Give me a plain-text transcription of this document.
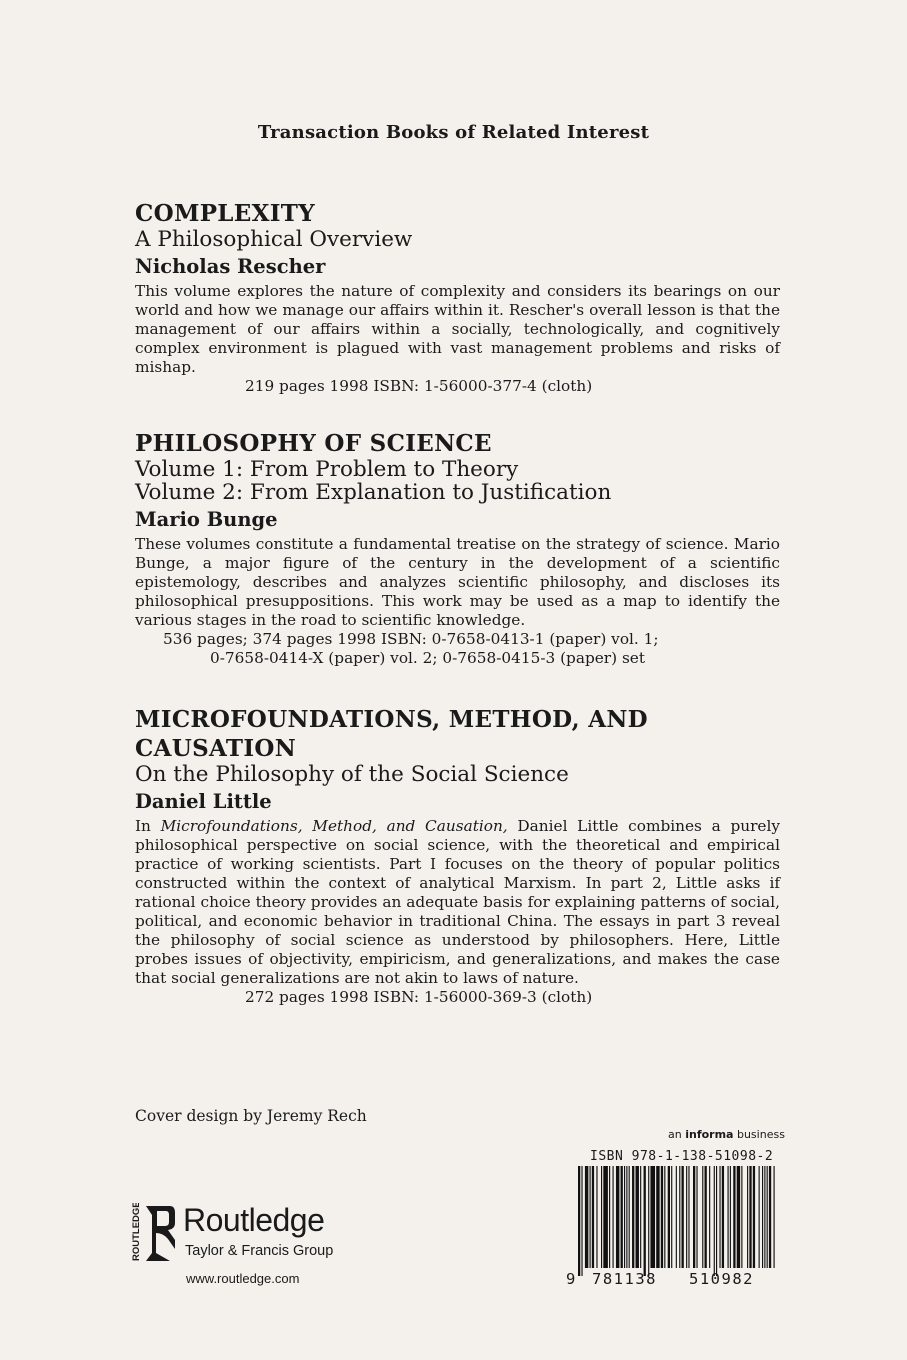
Transaction Books of Related Interest
COMPLEXITY
A Philosophical Overview
Nicholas Rescher
This volume explores the nature of complexity and considers its bearings on our world and how we manage our affairs within it. Rescher's overall lesson is that the management of our affairs within a socially, technologically, and cognitively complex environment is plagued with vast management problems and risks of mishap.
219 pages 1998 ISBN: 1-56000-377-4 (cloth)
PHILOSOPHY OF SCIENCE
Volume 1: From Problem to Theory
Volume 2: From Explanation to Justification
Mario Bunge
These volumes constitute a fundamental treatise on the strategy of science. Mario Bunge, a major figure of the century in the development of a scientific epistemology, describes and analyzes scientific philosophy, and discloses its philosophical presuppositions. This work may be used as a map to identify the various stages in the road to scientific knowledge.
536 pages; 374 pages 1998 ISBN: 0-7658-0413-1 (paper) vol. 1;
0-7658-0414-X (paper) vol. 2; 0-7658-0415-3 (paper) set
MICROFOUNDATIONS, METHOD, AND CAUSATION
On the Philosophy of the Social Science
Daniel Little
In Microfoundations, Method, and Causation, Daniel Little combines a purely philosophical perspective on social science, with the theoretical and empirical practice of working scientists. Part I focuses on the theory of popular politics constructed within the context of analytical Marxism. In part 2, Little asks if rational choice theory provides an adequate basis for explaining patterns of social, political, and economic behavior in traditional China. The essays in part 3 reveal the philosophy of social science as understood by philosophers. Here, Little probes issues of objectivity, empiricism, and generalizations, and makes the case that social generalizations are not akin to laws of nature.
272 pages 1998 ISBN: 1-56000-369-3 (cloth)
Cover design by Jeremy Rech
an informa business
ISBN 978-1-138-51098-2
9 781138 510982
ROUTLEDGE Routledge
Taylor & Francis Group
www.routledge.com
